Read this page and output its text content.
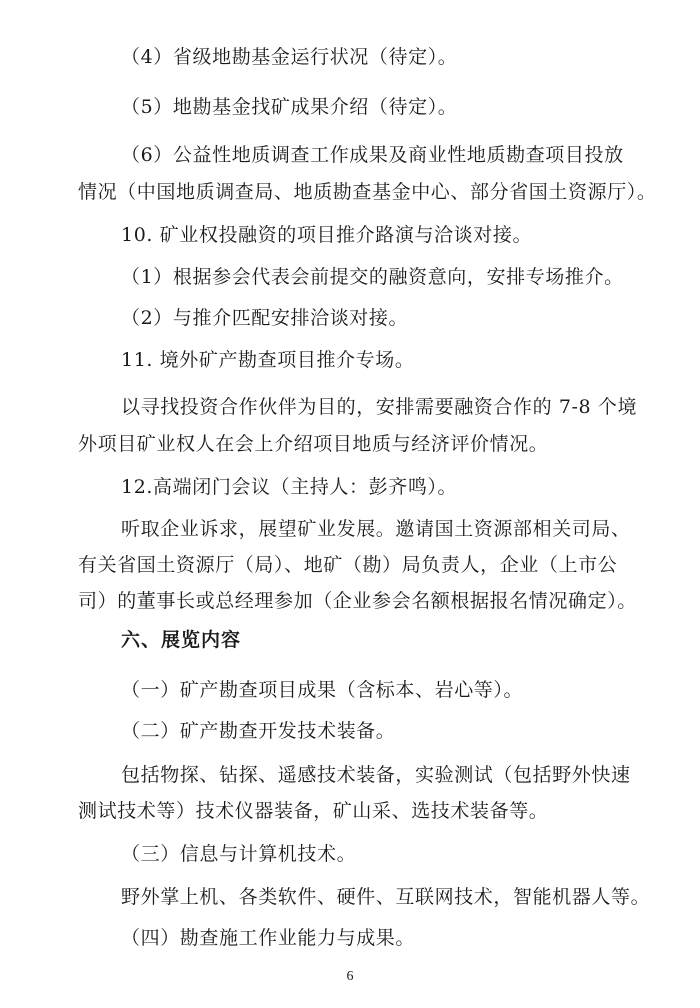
（4）省级地勘基金运行状况（待定）。
（5）地勘基金找矿成果介绍（待定）。
（6）公益性地质调查工作成果及商业性地质勘查项目投放
情况（中国地质调查局、地质勘查基金中心、部分省国土资源厅）。
10. 矿业权投融资的项目推介路演与洽谈对接。
（1）根据参会代表会前提交的融资意向，安排专场推介。
（2）与推介匹配安排洽谈对接。
11. 境外矿产勘查项目推介专场。
以寻找投资合作伙伴为目的，安排需要融资合作的 7-8 个境
外项目矿业权人在会上介绍项目地质与经济评价情况。
12.高端闭门会议（主持人：彭齐鸣）。
听取企业诉求，展望矿业发展。邀请国土资源部相关司局、
有关省国土资源厅（局）、地矿（勘）局负责人，企业（上市公
司）的董事长或总经理参加（企业参会名额根据报名情况确定）。
六、展览内容
（一）矿产勘查项目成果（含标本、岩心等）。
（二）矿产勘查开发技术装备。
包括物探、钻探、遥感技术装备，实验测试（包括野外快速
测试技术等）技术仪器装备，矿山采、选技术装备等。
（三）信息与计算机技术。
野外掌上机、各类软件、硬件、互联网技术，智能机器人等。
（四）勘查施工作业能力与成果。
6
